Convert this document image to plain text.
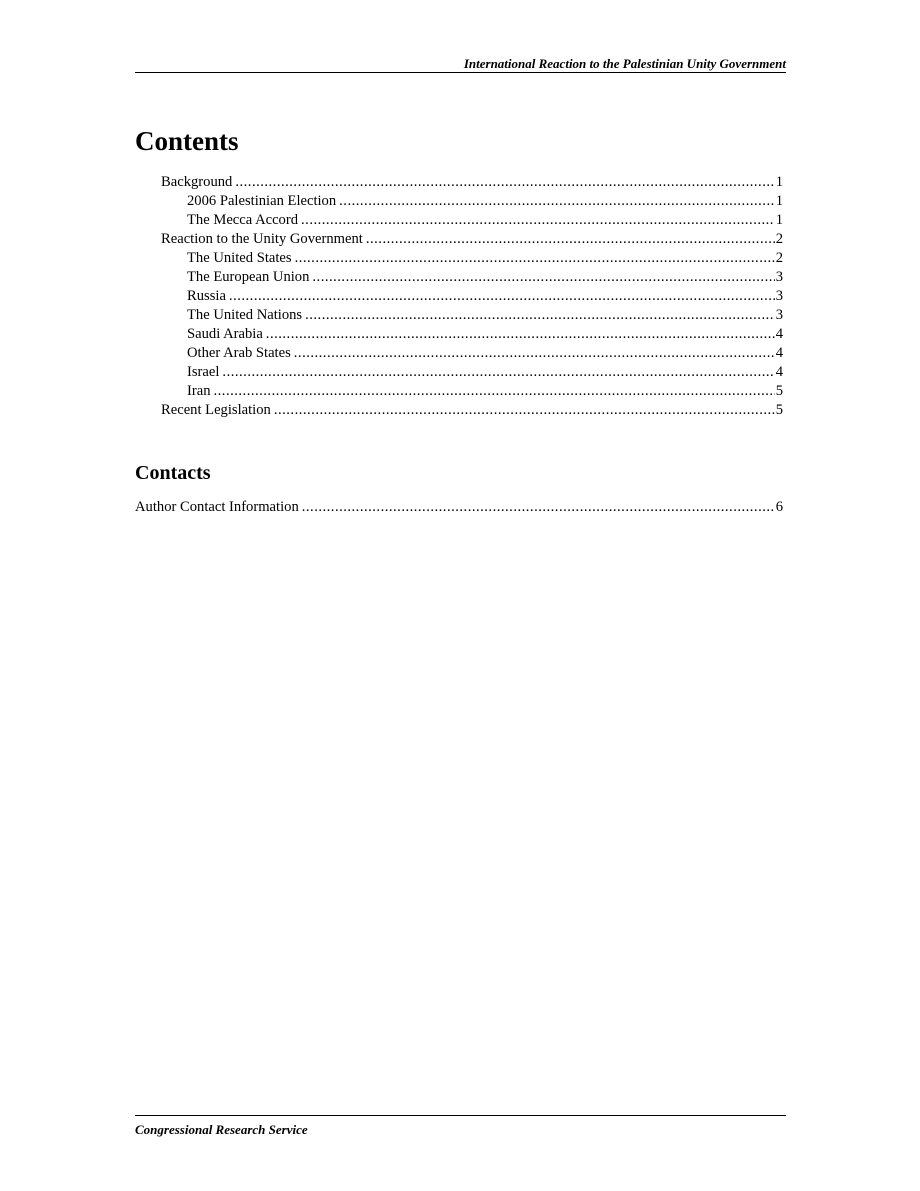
International Reaction to the Palestinian Unity Government
Contents
Background .....	1
2006 Palestinian Election .....	1
The Mecca Accord .....	1
Reaction to the Unity Government .....	2
The United States .....	2
The European Union .....	3
Russia .....	3
The United Nations .....	3
Saudi Arabia .....	4
Other Arab States .....	4
Israel .....	4
Iran .....	5
Recent Legislation .....	5
Contacts
Author Contact Information .....	6
Congressional Research Service
